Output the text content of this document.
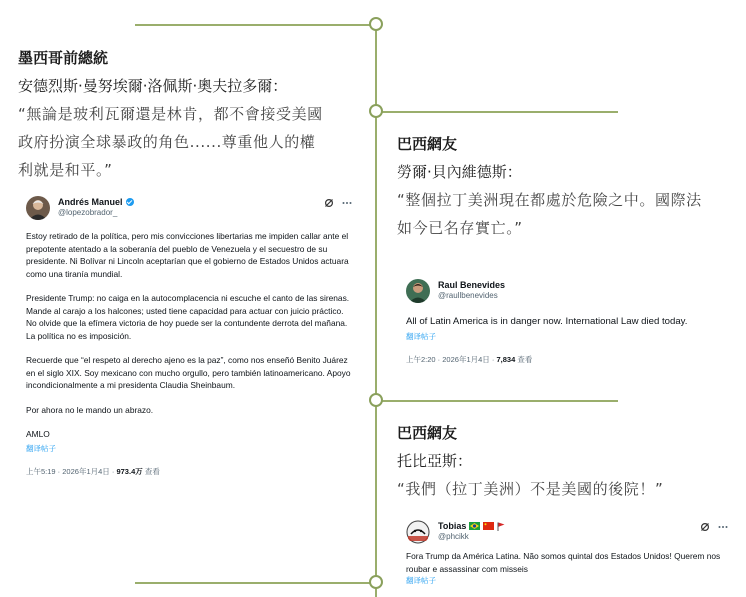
墨西哥前總統
安德烈斯·曼努埃爾·洛佩斯·奧夫拉多爾：
“無論是玻利瓦爾還是林肯，都不會接受美國
政府扮演全球暴政的角色......尊重他人的權
利就是和平。”
巴西網友
勞爾·貝內維德斯：
“整個拉丁美洲現在都處於危險之中。國際法
如今已名存實亡。”
巴西網友
托比亞斯：
“我們（拉丁美洲）不是美國的後院！”
Andrés Manuel
@lopezobrador_

Estoy retirado de la política, pero mis convicciones libertarias me impiden callar ante el prepotente atentado a la soberanía del pueblo de Venezuela y el secuestro de su presidente. Ni Bolívar ni Lincoln aceptarían que el gobierno de Estados Unidos actuara como una tiranía mundial.

Presidente Trump: no caiga en la autocomplacencia ni escuche el canto de las sirenas. Mande al carajo a los halcones; usted tiene capacidad para actuar con juicio práctico. No olvide que la efímera victoria de hoy puede ser la contundente derrota del mañana. La política no es imposición.

Recuerde que “el respeto al derecho ajeno es la paz”, como nos enseñó Benito Juárez en el siglo XIX. Soy mexicano con mucho orgullo, pero también latinoamericano. Apoyo incondicionalmente a mi presidenta Claudia Sheinbaum.

Por ahora no le mando un abrazo.

AMLO

翻译帖子
上午5:19 · 2026年1月4日 · 973.4万 查看
Raul Benevides
@raullbenevides

All of Latin America is in danger now. International Law died today.

翻译帖子
上午2:20 · 2026年1月4日 · 7,834 查看
Tobias
@phcikk

Fora Trump da América Latina. Não somos quintal dos Estados Unidos! Querem nos roubar e assassinar com misseis

翻译帖子
